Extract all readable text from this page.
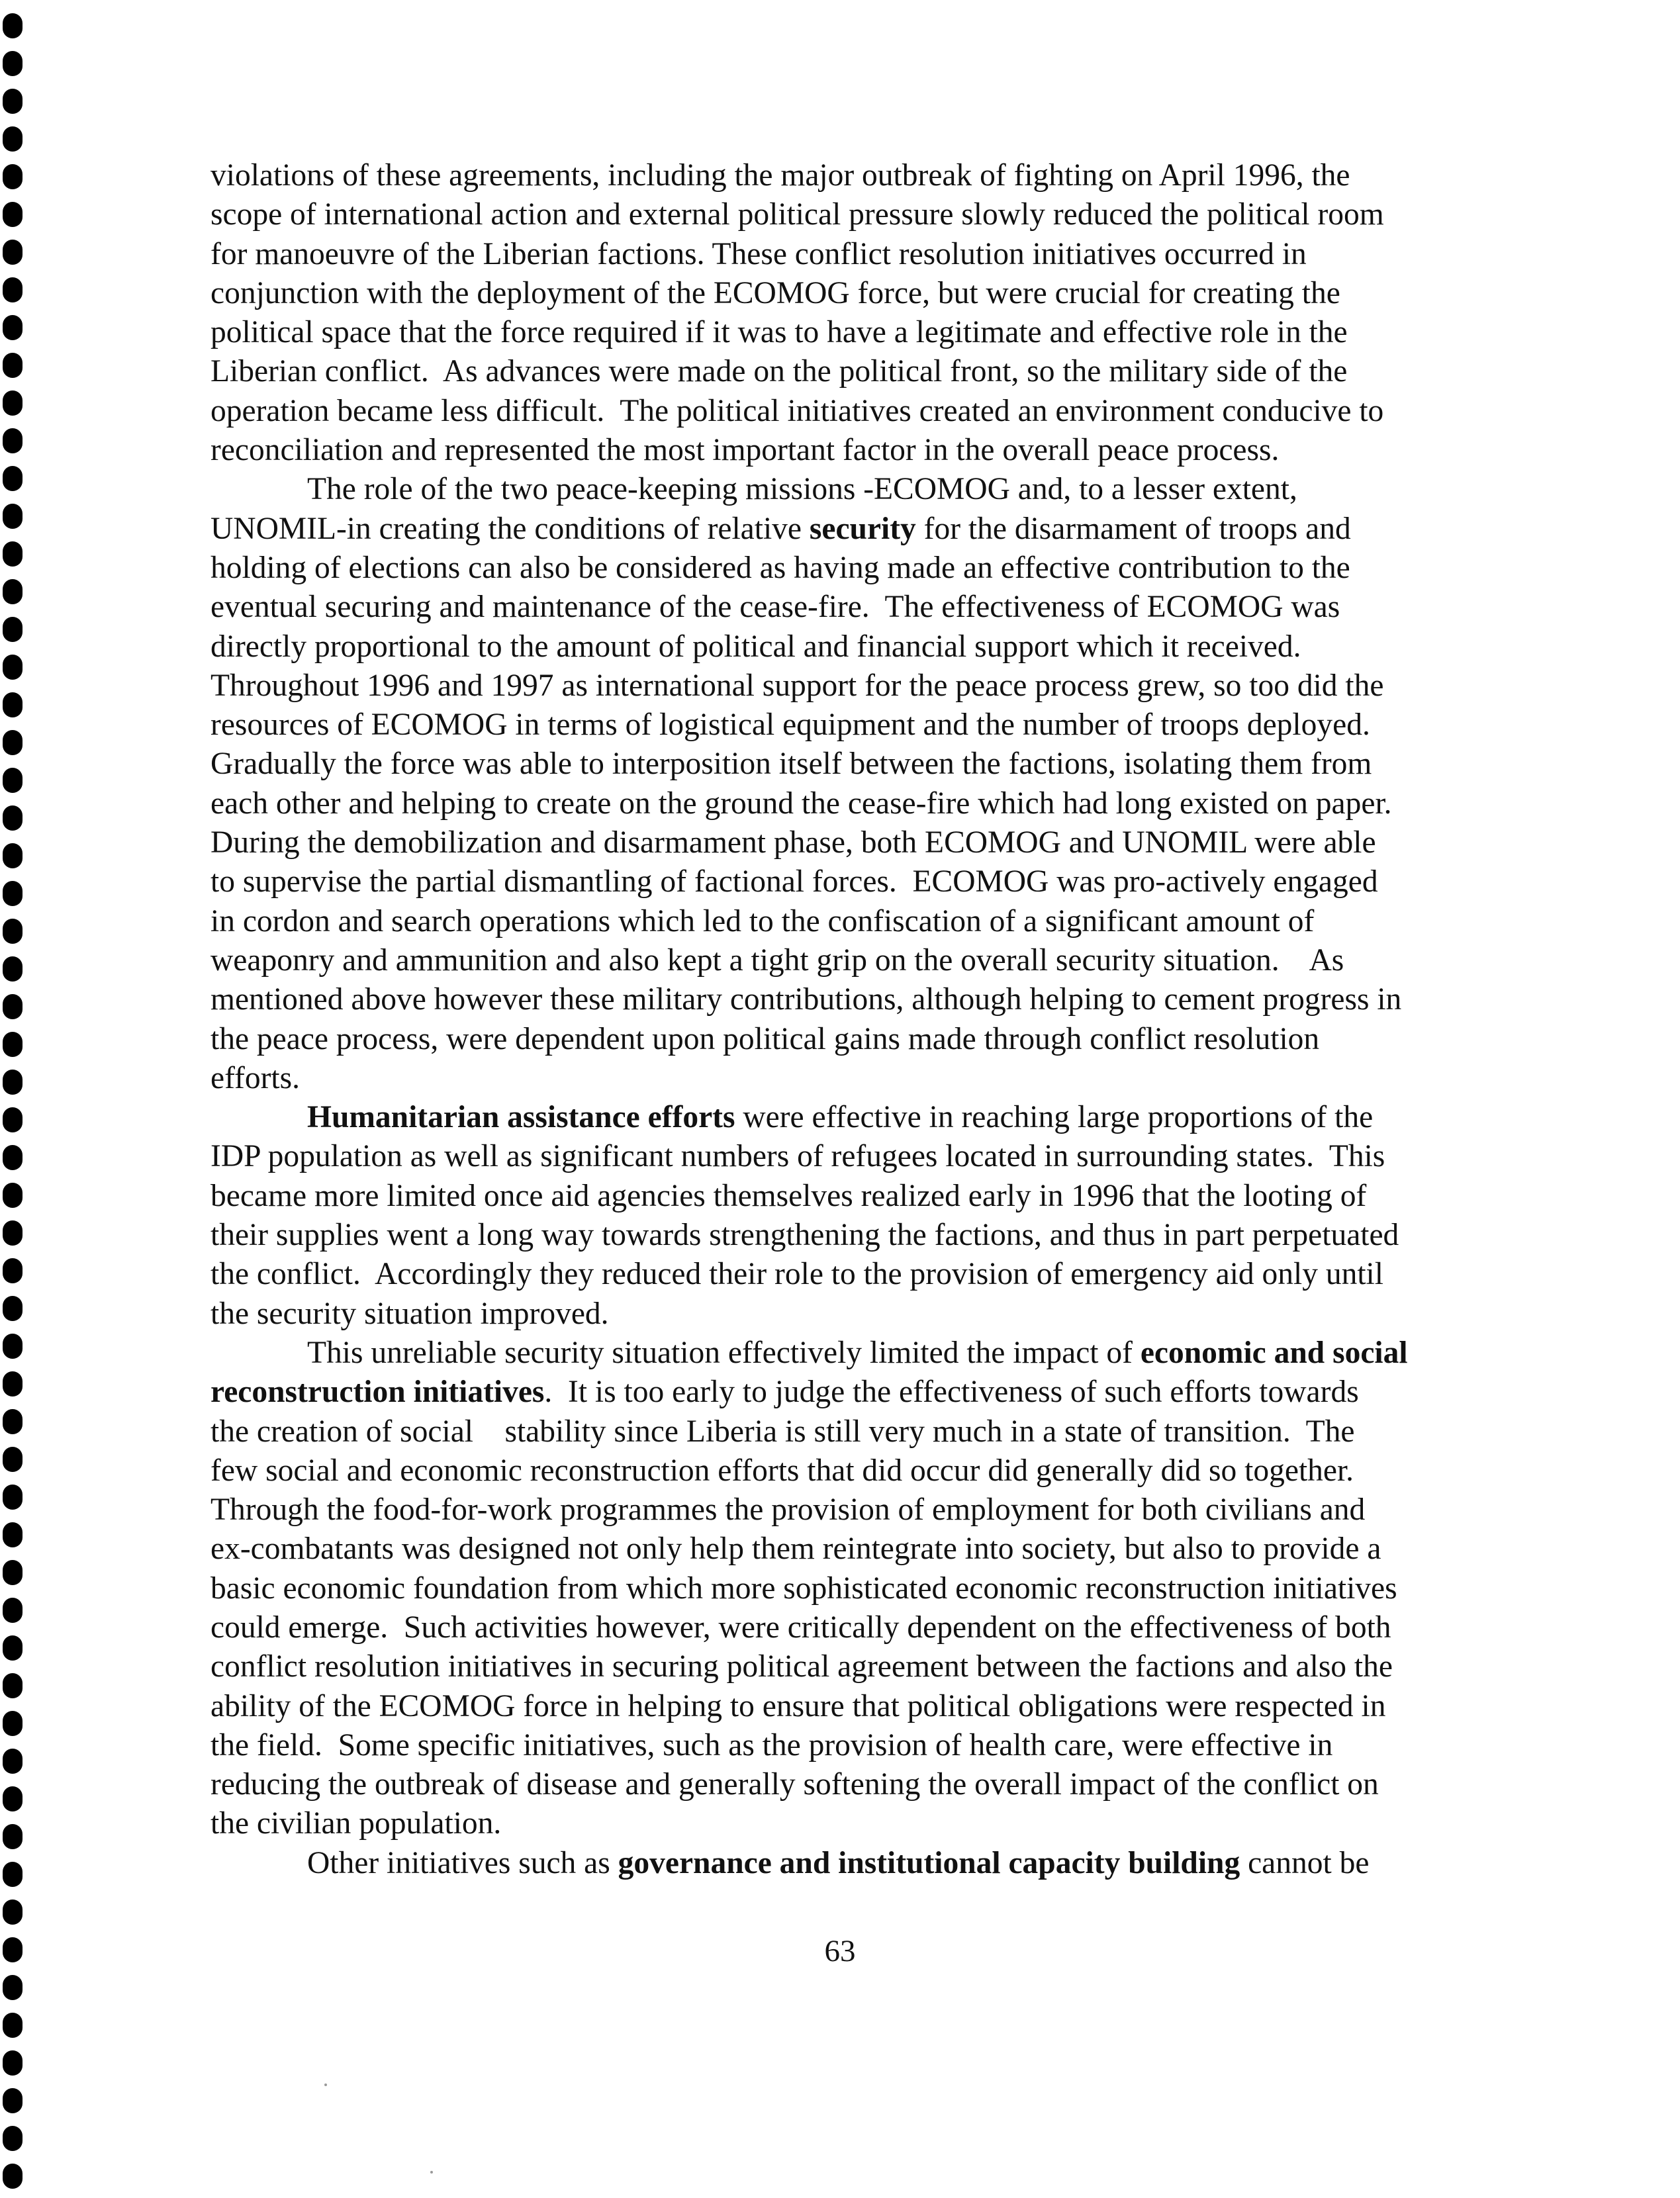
violations of these agreements, including the major outbreak of fighting on April 1996, the
scope of international action and external political pressure slowly reduced the political room
for manoeuvre of the Liberian factions. These conflict resolution initiatives occurred in
conjunction with the deployment of the ECOMOG force, but were crucial for creating the
political space that the force required if it was to have a legitimate and effective role in the
Liberian conflict.  As advances were made on the political front, so the military side of the
operation became less difficult.  The political initiatives created an environment conducive to
reconciliation and represented the most important factor in the overall peace process.

The role of the two peace-keeping missions -ECOMOG and, to a lesser extent,
UNOMIL-in creating the conditions of relative security for the disarmament of troops and
holding of elections can also be considered as having made an effective contribution to the
eventual securing and maintenance of the cease-fire.  The effectiveness of ECOMOG was
directly proportional to the amount of political and financial support which it received.
Throughout 1996 and 1997 as international support for the peace process grew, so too did the
resources of ECOMOG in terms of logistical equipment and the number of troops deployed.
Gradually the force was able to interposition itself between the factions, isolating them from
each other and helping to create on the ground the cease-fire which had long existed on paper.
During the demobilization and disarmament phase, both ECOMOG and UNOMIL were able
to supervise the partial dismantling of factional forces.  ECOMOG was pro-actively engaged
in cordon and search operations which led to the confiscation of a significant amount of
weaponry and ammunition and also kept a tight grip on the overall security situation.    As
mentioned above however these military contributions, although helping to cement progress in
the peace process, were dependent upon political gains made through conflict resolution
efforts.

Humanitarian assistance efforts were effective in reaching large proportions of the
IDP population as well as significant numbers of refugees located in surrounding states.  This
became more limited once aid agencies themselves realized early in 1996 that the looting of
their supplies went a long way towards strengthening the factions, and thus in part perpetuated
the conflict.  Accordingly they reduced their role to the provision of emergency aid only until
the security situation improved.

This unreliable security situation effectively limited the impact of economic and social
reconstruction initiatives.  It is too early to judge the effectiveness of such efforts towards
the creation of social    stability since Liberia is still very much in a state of transition.  The
few social and economic reconstruction efforts that did occur did generally did so together.
Through the food-for-work programmes the provision of employment for both civilians and
ex-combatants was designed not only help them reintegrate into society, but also to provide a
basic economic foundation from which more sophisticated economic reconstruction initiatives
could emerge.  Such activities however, were critically dependent on the effectiveness of both
conflict resolution initiatives in securing political agreement between the factions and also the
ability of the ECOMOG force in helping to ensure that political obligations were respected in
the field.  Some specific initiatives, such as the provision of health care, were effective in
reducing the outbreak of disease and generally softening the overall impact of the conflict on
the civilian population.

Other initiatives such as governance and institutional capacity building cannot be

63
